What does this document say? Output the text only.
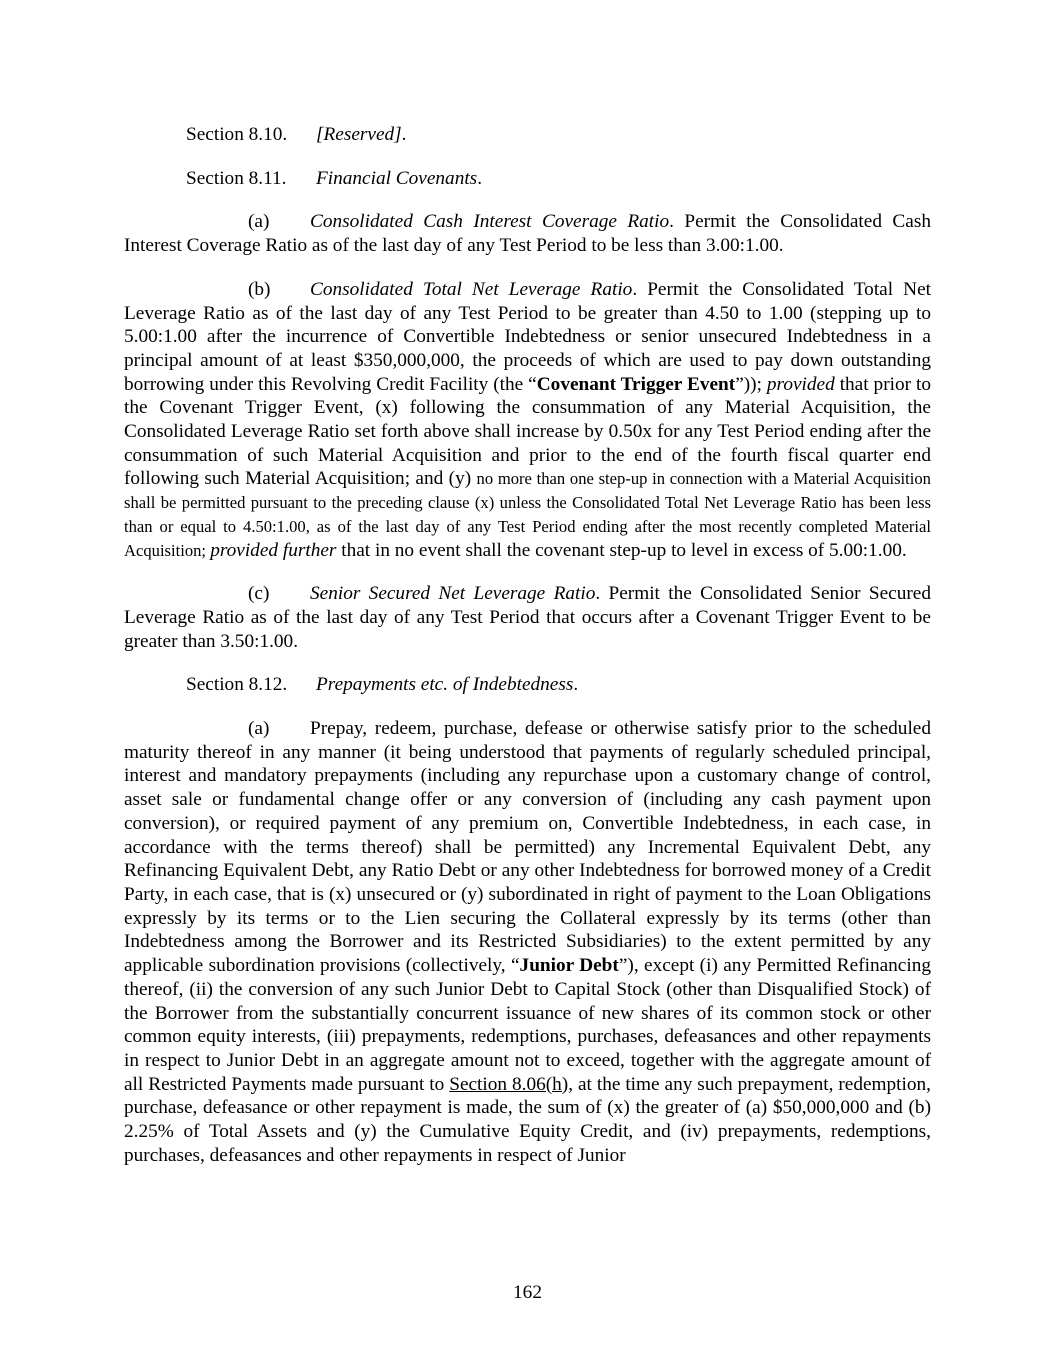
Section 8.10. [Reserved].

Section 8.11. Financial Covenants.

(a) Consolidated Cash Interest Coverage Ratio. Permit the Consolidated Cash Interest Coverage Ratio as of the last day of any Test Period to be less than 3.00:1.00.

(b) Consolidated Total Net Leverage Ratio. Permit the Consolidated Total Net Leverage Ratio as of the last day of any Test Period to be greater than 4.50 to 1.00 (stepping up to 5.00:1.00 after the incurrence of Convertible Indebtedness or senior unsecured Indebtedness in a principal amount of at least $350,000,000, the proceeds of which are used to pay down outstanding borrowing under this Revolving Credit Facility (the “Covenant Trigger Event”)); provided that prior to the Covenant Trigger Event, (x) following the consummation of any Material Acquisition, the Consolidated Leverage Ratio set forth above shall increase by 0.50x for any Test Period ending after the consummation of such Material Acquisition and prior to the end of the fourth fiscal quarter end following such Material Acquisition; and (y) no more than one step-up in connection with a Material Acquisition shall be permitted pursuant to the preceding clause (x) unless the Consolidated Total Net Leverage Ratio has been less than or equal to 4.50:1.00, as of the last day of any Test Period ending after the most recently completed Material Acquisition; provided further that in no event shall the covenant step-up to level in excess of 5.00:1.00.

(c) Senior Secured Net Leverage Ratio. Permit the Consolidated Senior Secured Leverage Ratio as of the last day of any Test Period that occurs after a Covenant Trigger Event to be greater than 3.50:1.00.

Section 8.12. Prepayments etc. of Indebtedness.

(a) Prepay, redeem, purchase, defease or otherwise satisfy prior to the scheduled maturity thereof in any manner (it being understood that payments of regularly scheduled principal, interest and mandatory prepayments (including any repurchase upon a customary change of control, asset sale or fundamental change offer or any conversion of (including any cash payment upon conversion), or required payment of any premium on, Convertible Indebtedness, in each case, in accordance with the terms thereof) shall be permitted) any Incremental Equivalent Debt, any Refinancing Equivalent Debt, any Ratio Debt or any other Indebtedness for borrowed money of a Credit Party, in each case, that is (x) unsecured or (y) subordinated in right of payment to the Loan Obligations expressly by its terms or to the Lien securing the Collateral expressly by its terms (other than Indebtedness among the Borrower and its Restricted Subsidiaries) to the extent permitted by any applicable subordination provisions (collectively, “Junior Debt”), except (i) any Permitted Refinancing thereof, (ii) the conversion of any such Junior Debt to Capital Stock (other than Disqualified Stock) of the Borrower from the substantially concurrent issuance of new shares of its common stock or other common equity interests, (iii) prepayments, redemptions, purchases, defeasances and other repayments in respect to Junior Debt in an aggregate amount not to exceed, together with the aggregate amount of all Restricted Payments made pursuant to Section 8.06(h), at the time any such prepayment, redemption, purchase, defeasance or other repayment is made, the sum of (x) the greater of (a) $50,000,000 and (b) 2.25% of Total Assets and (y) the Cumulative Equity Credit, and (iv) prepayments, redemptions, purchases, defeasances and other repayments in respect of Junior

162
